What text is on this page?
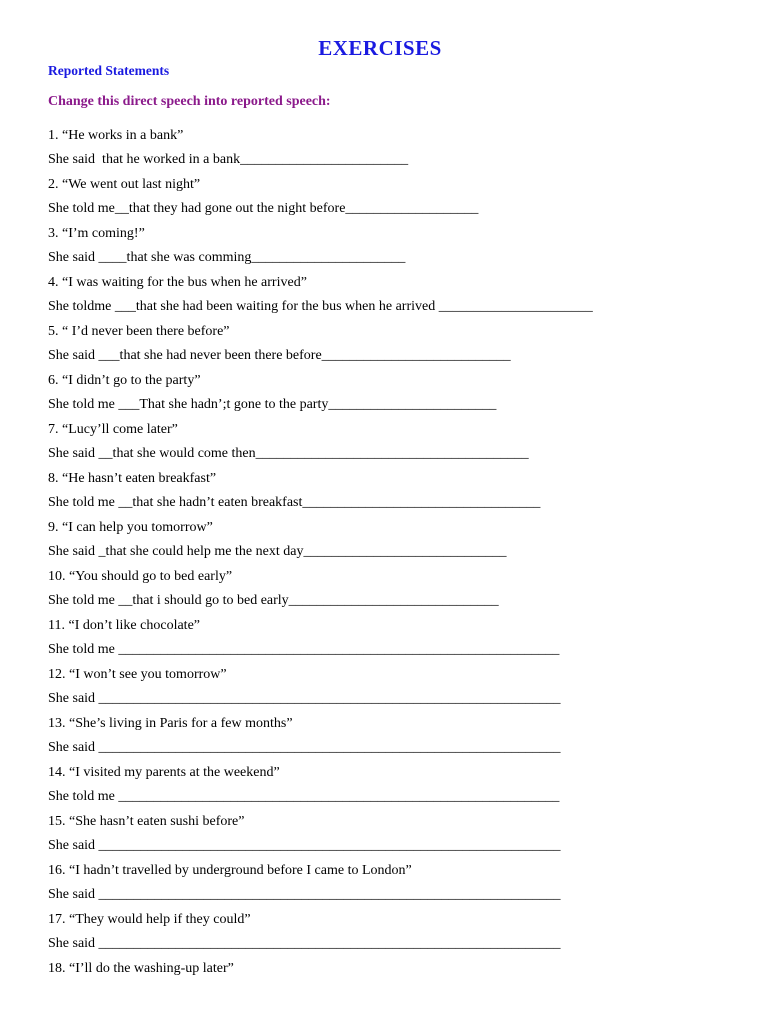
EXERCISES
Reported Statements
Change this direct speech into reported speech:
1. “He works in a bank”
She said  that he worked in a bank________________________
2. “We went out last night”
She told me__that they had gone out the night before___________________
3. “I’m coming!”
She said ____that she was comming______________________
4. “I was waiting for the bus when he arrived”
She toldme ___that she had been waiting for the bus when he arrived ______________________
5. “ I’d never been there before”
She said ___that she had never been there before___________________________
6. “I didn’t go to the party”
She told me ___That she hadn’;t gone to the party________________________
7. “Lucy’ll come later”
She said __that she would come then_______________________________________
8. “He hasn’t eaten breakfast”
She told me __that she hadn’t eaten breakfast__________________________________
9. “I can help you tomorrow”
She said _that she could help me the next day_____________________________
10. “You should go to bed early”
She told me __that i should go to bed early______________________________
11. “I don’t like chocolate”
She told me _______________________________________________________________
12. “I won’t see you tomorrow”
She said __________________________________________________________________
13. “She’s living in Paris for a few months”
She said __________________________________________________________________
14. “I visited my parents at the weekend”
She told me _______________________________________________________________
15. “She hasn’t eaten sushi before”
She said __________________________________________________________________
16. “I hadn’t travelled by underground before I came to London”
She said __________________________________________________________________
17. “They would help if they could”
She said __________________________________________________________________
18. “I’ll do the washing-up later”
